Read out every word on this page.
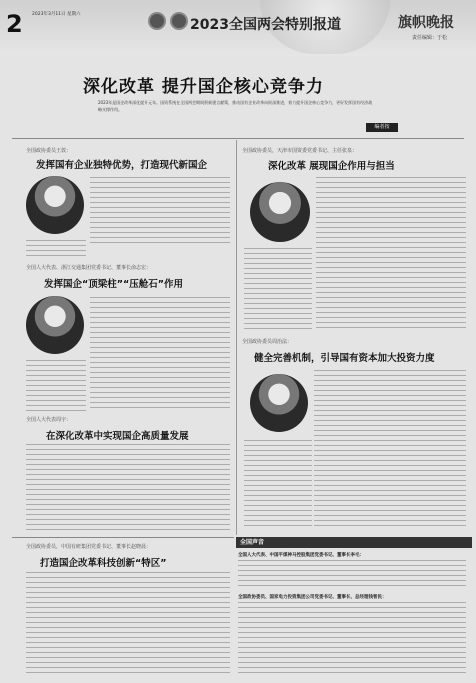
2 2023年3月11日 星期六
2023全国两会特别报道	旗帜晚报
责任编辑：于松
深化改革 提升国企核心竞争力
2023年是国企改革深化提升元年。国资系统在全国两会期间积极建言献策，推动国有企业改革向纵深推进，着力提升国企核心竞争力，更好发挥国有经济战略支撑作用。
编者按
全国政协委员王敦：
发挥国有企业独特优势，打造现代新国企
全国人大代表、浙江交通集团党委书记、董事长俞志宏：
发挥国企“顶梁柱”“压舱石”作用
全国人大代表周宇：
在深化改革中实现国企高质量发展
全国政协委员，中国有研集团党委书记、董事长赵晓晨：
打造国企改革科技创新“特区”
全国政协委员，天津市国资委党委书记、主任张泉：
深化改革 展现国企作用与担当
全国政协委员周治法：
健全完善机制，引导国有资本加大投资力度
全国声音
全国人大代表、中国平煤神马控股集团党委书记、董事长李毛：
全国政协委员、国家电力投资集团公司党委书记、董事长、总经理钱智民：
